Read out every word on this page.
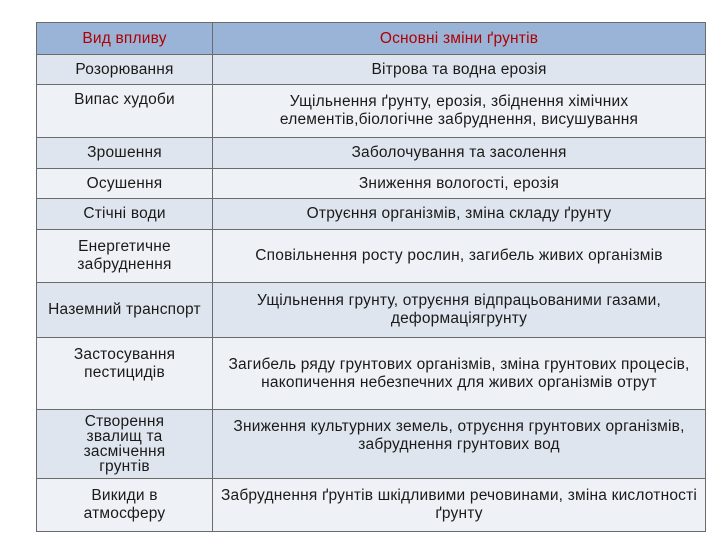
Вид впливу	Основні зміни ґрунтів
Розорювання	Вітрова та водна ерозія
Випас худоби	Ущільнення ґрунту, ерозія, збіднення хімічних елементів,біологічне забруднення, висушування
Зрошення	Заболочування та засолення
Осушення	Зниження вологості, ерозія
Стічні води	Отруєння організмів, зміна складу ґрунту
Енергетичне забруднення	Сповільнення росту рослин, загибель живих організмів
Наземний транспорт	Ущільнення грунту, отруєння відпрацьованими газами, деформаціягрунту
Застосування пестицидів	Загибель ряду грунтових організмів, зміна грунтових процесів, накопичення небезпечних для живих організмів отрут
Створення звалищ та засмічення грунтів	Зниження культурних земель, отруєння грунтових організмів, забруднення грунтових вод
Викиди в атмосферу	Забруднення ґрунтів шкідливими речовинами, зміна кислотності ґрунту
